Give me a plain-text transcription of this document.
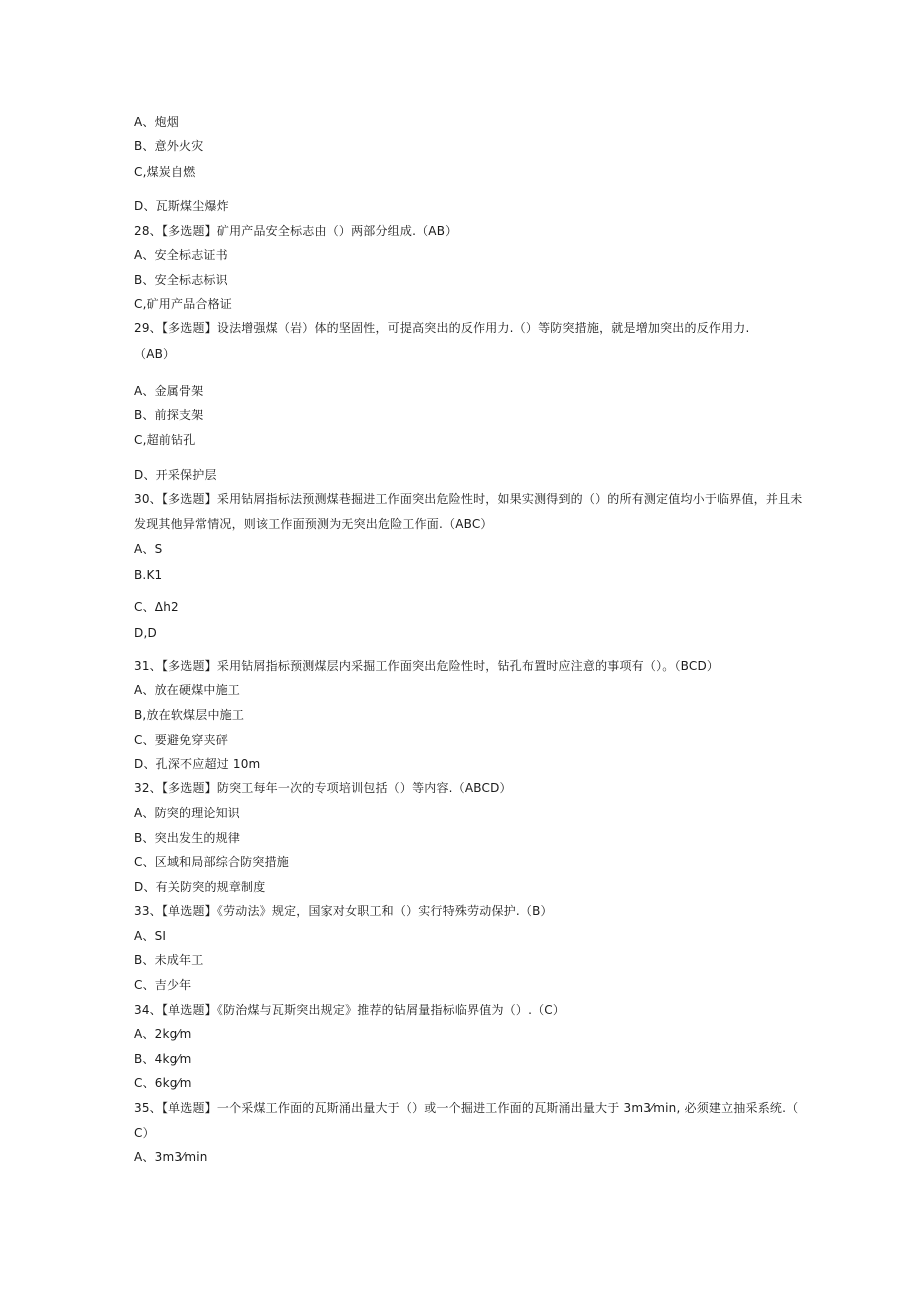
A、炮烟
B、意外火灾
C,煤炭自燃
D、瓦斯煤尘爆炸
28、【多选题】矿用产品安全标志由（）两部分组成.（AB）
A、安全标志证书
B、安全标志标识
C,矿用产品合格证
29、【多选题】设法增强煤（岩）体的坚固性，可提高突出的反作用力.（）等防突措施，就是增加突出的反作用力.
（AB）
A、金属骨架
B、前探支架
C,超前钻孔
D、开采保护层
30、【多选题】采用钻屑指标法预测煤巷掘进工作面突出危险性时，如果实测得到的（）的所有测定值均小于临界值，并且未
发现其他异常情况，则该工作面预测为无突出危险工作面.（ABC）
A、S
B.K1
C、Δh2
D,D
31、【多选题】采用钻屑指标预测煤层内采掘工作面突出危险性时，钻孔布置时应注意的事项有（）。（BCD）
A、放在硬煤中施工
B,放在软煤层中施工
C、要避免穿夹砰
D、孔深不应超过 10m
32、【多选题】防突工每年一次的专项培训包括（）等内容.（ABCD）
A、防突的理论知识
B、突出发生的规律
C、区域和局部综合防突措施
D、有关防突的规章制度
33、【单选题】《劳动法》规定，国家对女职工和（）实行特殊劳动保护.（B）
A、SI
B、未成年工
C、吉少年
34、【单选题】《防治煤与瓦斯突出规定》推荐的钻屑量指标临界值为（）.（C）
A、2kg⁄m
B、4kg⁄m
C、6kg⁄m
35、【单选题】一个采煤工作面的瓦斯涌出量大于（）或一个掘进工作面的瓦斯涌出量大于 3m3⁄min, 必须建立抽采系统.（
C）
A、3m3⁄min
